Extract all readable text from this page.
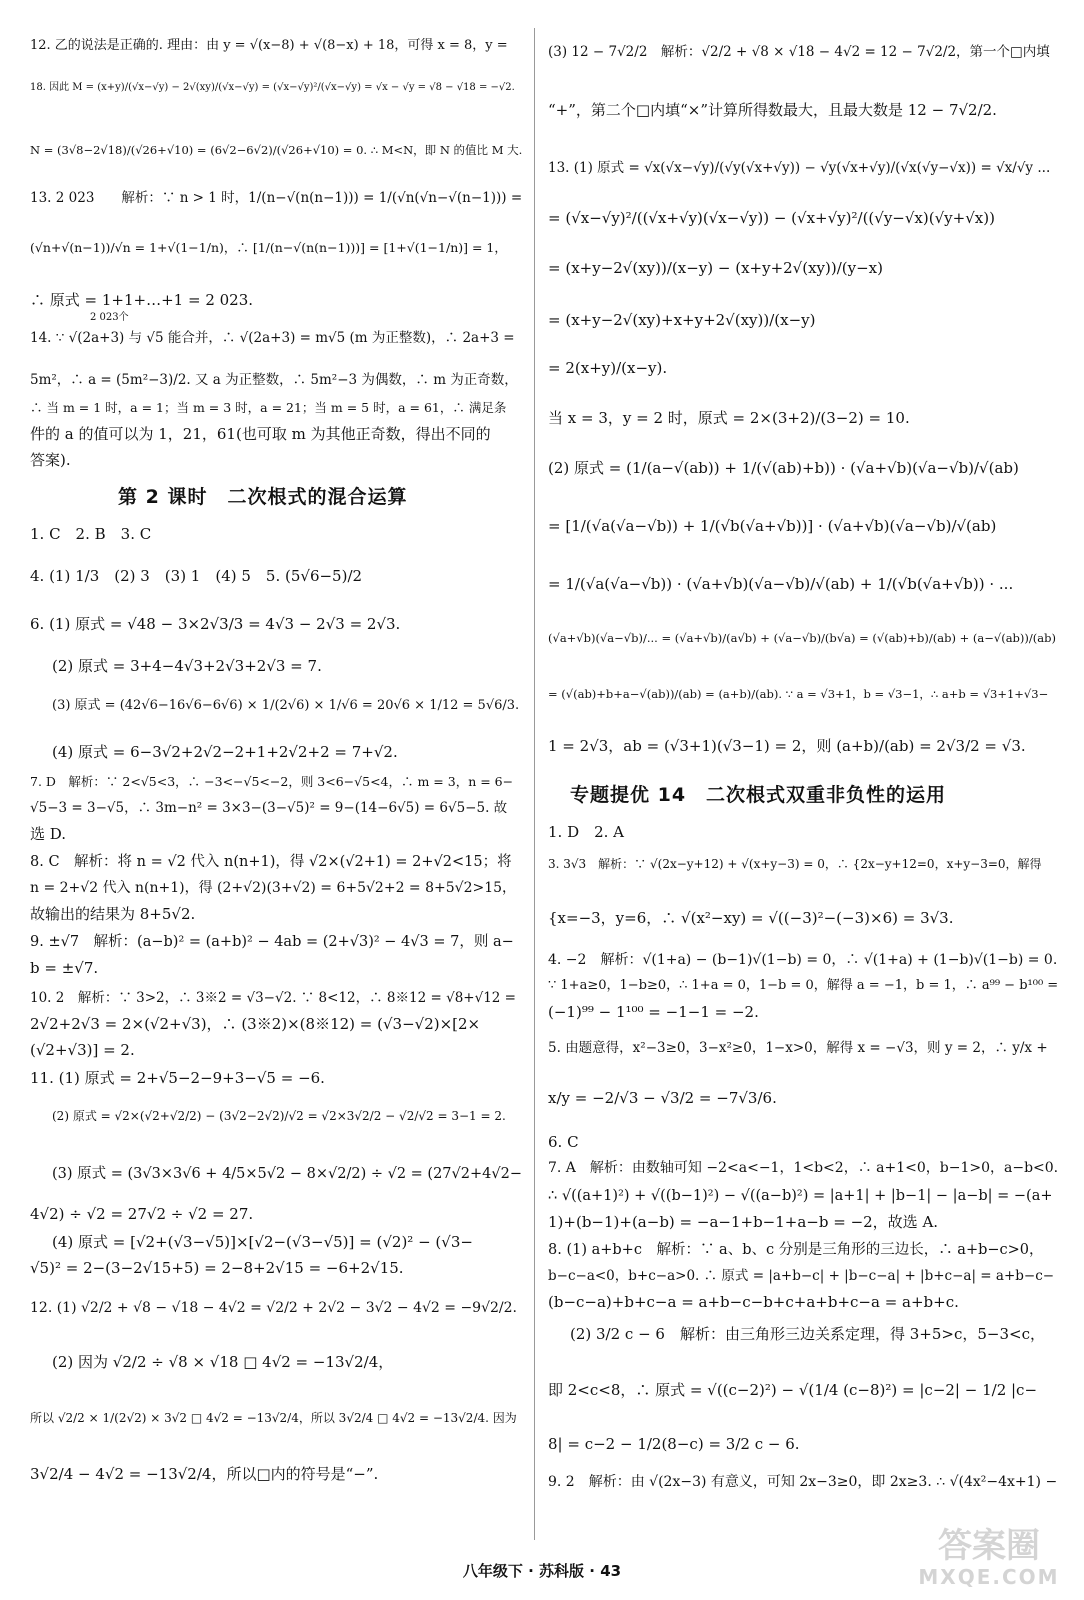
12. 乙的说法是正确的. 理由：由 y = √(x−8) + √(8−x) + 18，可得 x = 8，y =
18. 因此 M = (x+y)/(√x−√y) − 2√(xy)/(√x−√y) = (√x−√y)²/(√x−√y) = √x − √y = √8 − √18 = −√2.
N = (3√8−2√18)/(√26+√10) = (6√2−6√2)/(√26+√10) = 0. ∴ M<N，即 N 的值比 M 大.
13. 2 023　　解析：∵ n > 1 时，1/(n−√(n(n−1))) = 1/(√n(√n−√(n−1))) =
(√n+√(n−1))/√n = 1+√(1−1/n)，∴ [1/(n−√(n(n−1)))] = [1+√(1−1/n)] = 1，
∴ 原式 = 1+1+…+1 = 2 023.
2 023个
14. ∵ √(2a+3) 与 √5 能合并，∴ √(2a+3) = m√5 (m 为正整数)，∴ 2a+3 =
5m²，∴ a = (5m²−3)/2. 又 a 为正整数，∴ 5m²−3 为偶数，∴ m 为正奇数，
∴ 当 m = 1 时，a = 1；当 m = 3 时，a = 21；当 m = 5 时，a = 61，∴ 满足条
件的 a 的值可以为 1，21，61(也可取 m 为其他正奇数，得出不同的
答案).
1. C　2. B　3. C
4. (1) 1/3　(2) 3　(3) 1　(4) 5　5. (5√6−5)/2
6. (1) 原式 = √48 − 3×2√3/3 = 4√3 − 2√3 = 2√3.
(2) 原式 = 3+4−4√3+2√3+2√3 = 7.
(3) 原式 = (42√6−16√6−6√6) × 1/(2√6) × 1/√6 = 20√6 × 1/12 = 5√6/3.
(4) 原式 = 6−3√2+2√2−2+1+2√2+2 = 7+√2.
7. D　解析：∵ 2<√5<3，∴ −3<−√5<−2，则 3<6−√5<4，∴ m = 3，n = 6−
√5−3 = 3−√5，∴ 3m−n² = 3×3−(3−√5)² = 9−(14−6√5) = 6√5−5. 故
选 D.
8. C　解析：将 n = √2 代入 n(n+1)，得 √2×(√2+1) = 2+√2<15；将
n = 2+√2 代入 n(n+1)，得 (2+√2)(3+√2) = 6+5√2+2 = 8+5√2>15，
故输出的结果为 8+5√2.
9. ±√7　解析：(a−b)² = (a+b)² − 4ab = (2+√3)² − 4√3 = 7，则 a−
b = ±√7.
10. 2　解析：∵ 3>2，∴ 3※2 = √3−√2. ∵ 8<12，∴ 8※12 = √8+√12 =
2√2+2√3 = 2×(√2+√3)，∴ (3※2)×(8※12) = (√3−√2)×[2×
(√2+√3)] = 2.
11. (1) 原式 = 2+√5−2−9+3−√5 = −6.
(2) 原式 = √2×(√2+√2/2) − (3√2−2√2)/√2 = √2×3√2/2 − √2/√2 = 3−1 = 2.
(3) 原式 = (3√3×3√6 + 4/5×5√2 − 8×√2/2) ÷ √2 = (27√2+4√2−
4√2) ÷ √2 = 27√2 ÷ √2 = 27.
(4) 原式 = [√2+(√3−√5)]×[√2−(√3−√5)] = (√2)² − (√3−
√5)² = 2−(3−2√15+5) = 2−8+2√15 = −6+2√15.
12. (1) √2/2 + √8 − √18 − 4√2 = √2/2 + 2√2 − 3√2 − 4√2 = −9√2/2.
(2) 因为 √2/2 ÷ √8 × √18 □ 4√2 = −13√2/4，
所以 √2/2 × 1/(2√2) × 3√2 □ 4√2 = −13√2/4，所以 3√2/4 □ 4√2 = −13√2/4. 因为
3√2/4 − 4√2 = −13√2/4，所以□内的符号是“−”.
(3) 12 − 7√2/2　解析：√2/2 + √8 × √18 − 4√2 = 12 − 7√2/2，第一个□内填
“+”，第二个□内填“×”计算所得数最大，且最大数是 12 − 7√2/2.
13. (1) 原式 = √x(√x−√y)/(√y(√x+√y)) − √y(√x+√y)/(√x(√y−√x)) = √x/√y ...
= (√x−√y)²/((√x+√y)(√x−√y)) − (√x+√y)²/((√y−√x)(√y+√x))
= (x+y−2√(xy))/(x−y) − (x+y+2√(xy))/(y−x)
= (x+y−2√(xy)+x+y+2√(xy))/(x−y)
= 2(x+y)/(x−y).
当 x = 3，y = 2 时，原式 = 2×(3+2)/(3−2) = 10.
(2) 原式 = (1/(a−√(ab)) + 1/(√(ab)+b)) · (√a+√b)(√a−√b)/√(ab)
= [1/(√a(√a−√b)) + 1/(√b(√a+√b))] · (√a+√b)(√a−√b)/√(ab)
= 1/(√a(√a−√b)) · (√a+√b)(√a−√b)/√(ab) + 1/(√b(√a+√b)) · ...
(√a+√b)(√a−√b)/... = (√a+√b)/(a√b) + (√a−√b)/(b√a) = (√(ab)+b)/(ab) + (a−√(ab))/(ab)
= (√(ab)+b+a−√(ab))/(ab) = (a+b)/(ab). ∵ a = √3+1，b = √3−1，∴ a+b = √3+1+√3−
1 = 2√3，ab = (√3+1)(√3−1) = 2，则 (a+b)/(ab) = 2√3/2 = √3.
1. D　2. A
3. 3√3　解析：∵ √(2x−y+12) + √(x+y−3) = 0，∴ {2x−y+12=0，x+y−3=0，解得
{x=−3，y=6，∴ √(x²−xy) = √((−3)²−(−3)×6) = 3√3.
4. −2　解析：√(1+a) − (b−1)√(1−b) = 0，∴ √(1+a) + (1−b)√(1−b) = 0.
∵ 1+a≥0，1−b≥0，∴ 1+a = 0，1−b = 0，解得 a = −1，b = 1，∴ a⁹⁹ − b¹⁰⁰ =
(−1)⁹⁹ − 1¹⁰⁰ = −1−1 = −2.
5. 由题意得，x²−3≥0，3−x²≥0，1−x>0，解得 x = −√3，则 y = 2，∴ y/x +
x/y = −2/√3 − √3/2 = −7√3/6.
6. C
7. A　解析：由数轴可知 −2<a<−1，1<b<2，∴ a+1<0，b−1>0，a−b<0.
∴ √((a+1)²) + √((b−1)²) − √((a−b)²) = |a+1| + |b−1| − |a−b| = −(a+
1)+(b−1)+(a−b) = −a−1+b−1+a−b = −2，故选 A.
8. (1) a+b+c　解析：∵ a、b、c 分别是三角形的三边长，∴ a+b−c>0，
b−c−a<0，b+c−a>0. ∴ 原式 = |a+b−c| + |b−c−a| + |b+c−a| = a+b−c−
(b−c−a)+b+c−a = a+b−c−b+c+a+b+c−a = a+b+c.
(2) 3/2 c − 6　解析：由三角形三边关系定理，得 3+5>c，5−3<c，
即 2<c<8，∴ 原式 = √((c−2)²) − √(1/4 (c−8)²) = |c−2| − 1/2 |c−
8| = c−2 − 1/2(8−c) = 3/2 c − 6.
9. 2　解析：由 √(2x−3) 有意义，可知 2x−3≥0，即 2x≥3. ∴ √(4x²−4x+1) −
第 2 课时　二次根式的混合运算
专题提优 14　二次根式双重非负性的运用
八年级下 · 苏科版 · 43
答案圈
MXQE.COM
